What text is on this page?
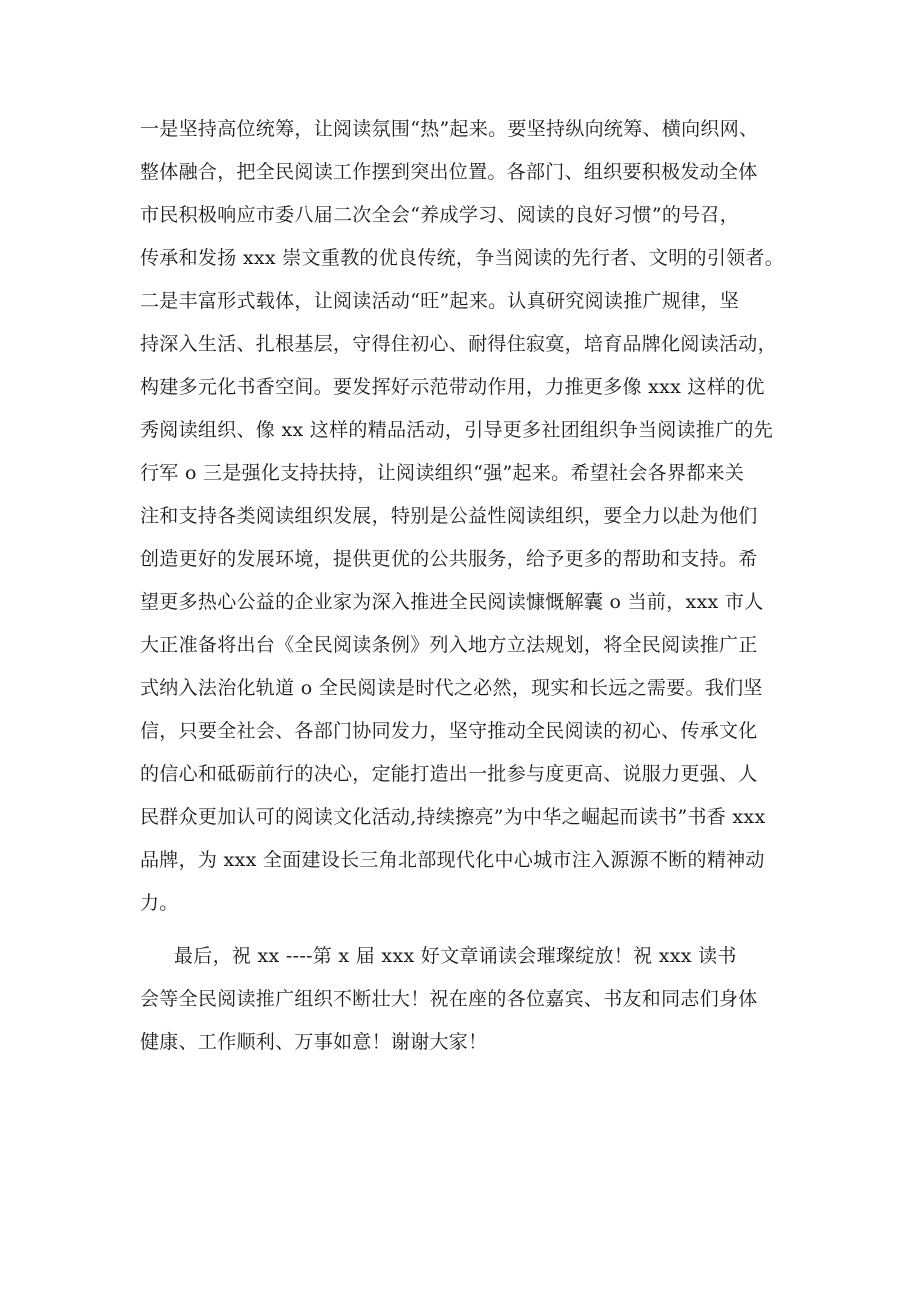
一是坚持高位统筹，让阅读氛围“热”起来。要坚持纵向统筹、横向织网、
整体融合，把全民阅读工作摆到突出位置。各部门、组织要积极发动全体
市民积极响应市委八届二次全会“养成学习、阅读的良好习惯”的号召，
传承和发扬 xxx 崇文重教的优良传统，争当阅读的先行者、文明的引领者。
二是丰富形式载体，让阅读活动“旺”起来。认真研究阅读推广规律，坚
持深入生活、扎根基层，守得住初心、耐得住寂寞，培育品牌化阅读活动，
构建多元化书香空间。要发挥好示范带动作用，力推更多像 xxx 这样的优
秀阅读组织、像 xx 这样的精品活动，引导更多社团组织争当阅读推广的先
行军 o 三是强化支持扶持，让阅读组织“强”起来。希望社会各界都来关
注和支持各类阅读组织发展，特别是公益性阅读组织，要全力以赴为他们
创造更好的发展环境，提供更优的公共服务，给予更多的帮助和支持。希
望更多热心公益的企业家为深入推进全民阅读慷慨解囊 o 当前，xxx 市人
大正准备将出台《全民阅读条例》列入地方立法规划，将全民阅读推广正
式纳入法治化轨道 o 全民阅读是时代之必然，现实和长远之需要。我们坚
信，只要全社会、各部门协同发力，坚守推动全民阅读的初心、传承文化
的信心和砥砺前行的决心，定能打造出一批参与度更高、说服力更强、人
民群众更加认可的阅读文化活动,持续擦亮”为中华之崛起而读书”书香 xxx
品牌，为 xxx 全面建设长三角北部现代化中心城市注入源源不断的精神动
力。
最后，祝 xx ----第 x 届 xxx 好文章诵读会璀璨绽放！祝 xxx 读书
会等全民阅读推广组织不断壮大！祝在座的各位嘉宾、书友和同志们身体
健康、工作顺利、万事如意！谢谢大家！
